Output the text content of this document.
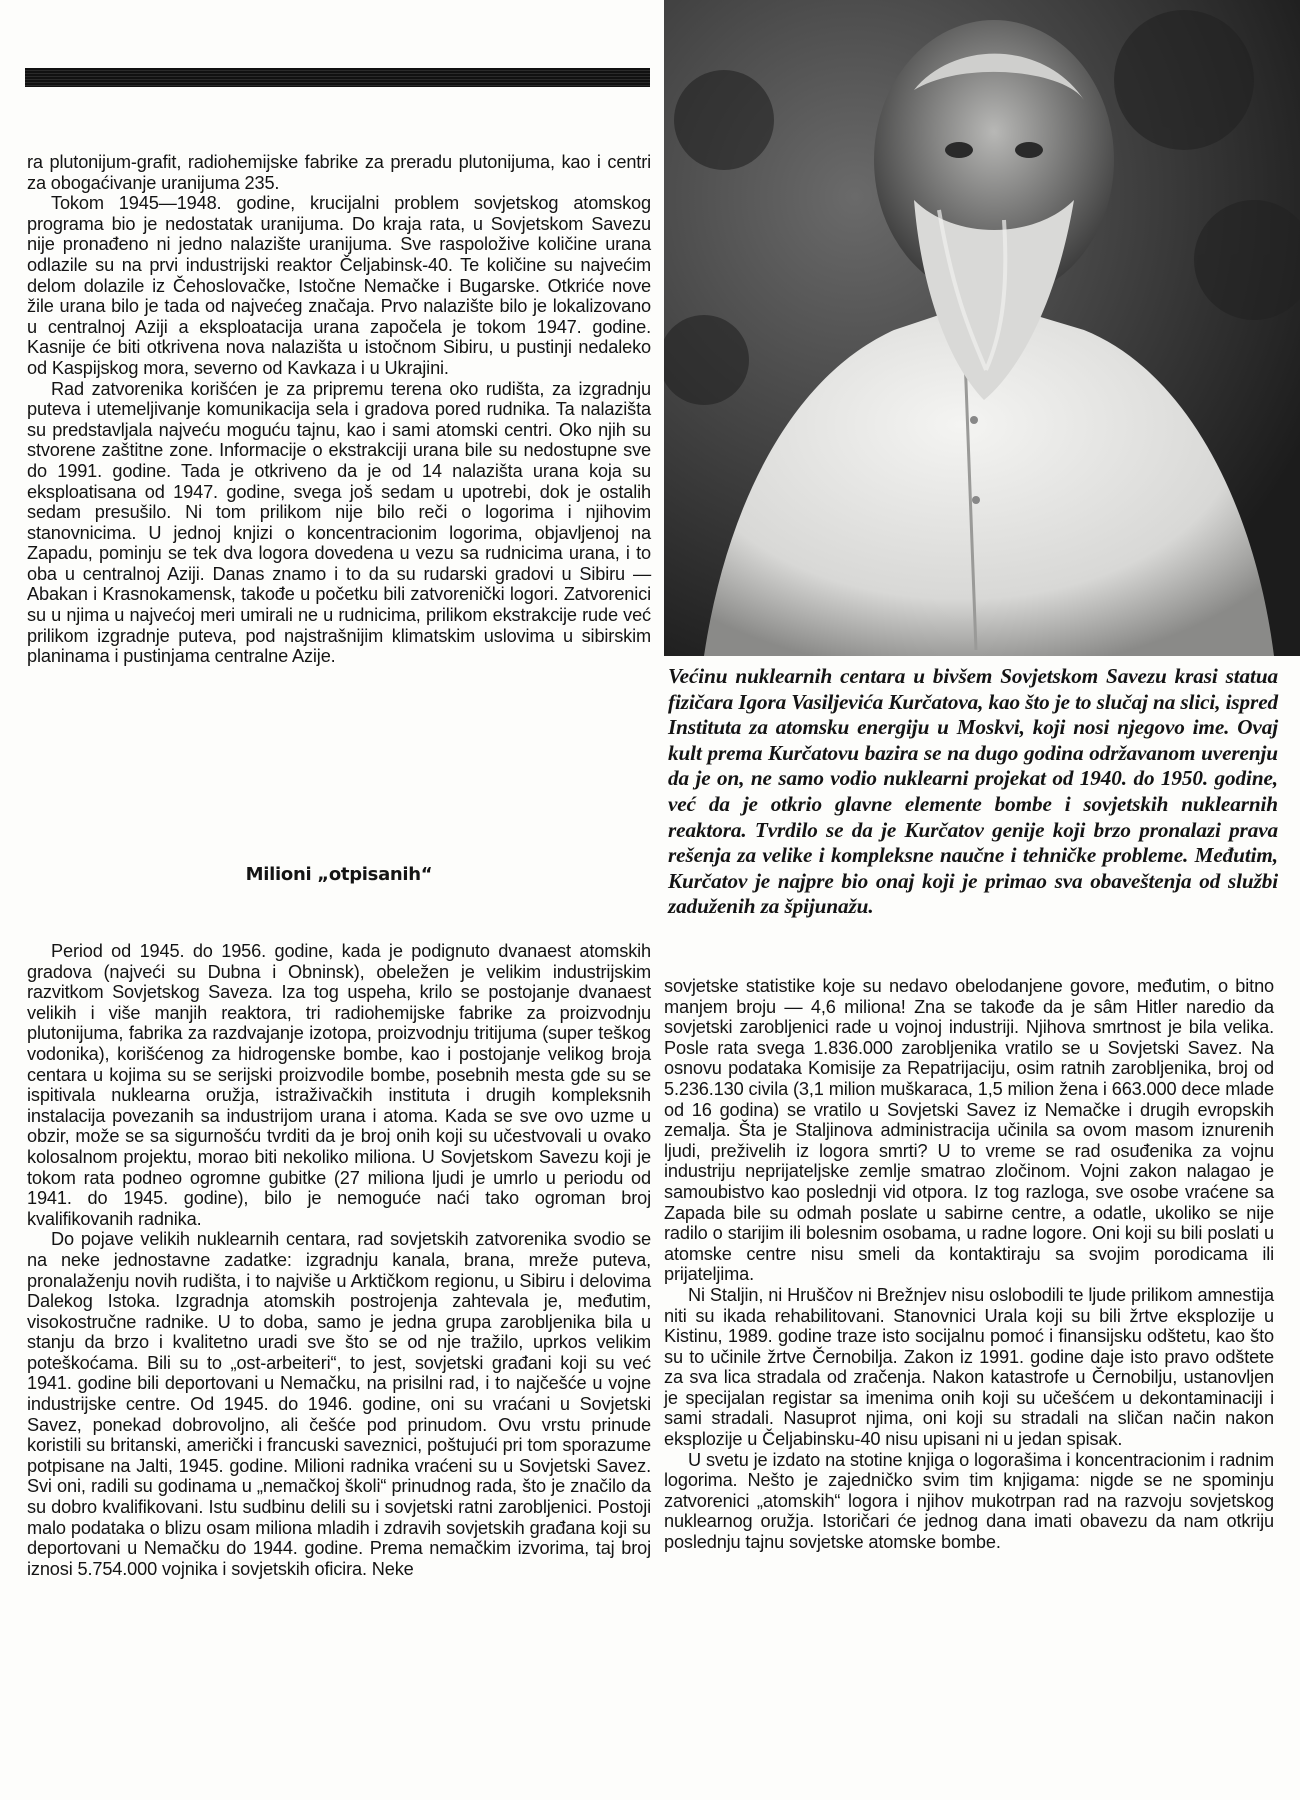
ra plutonijum-grafit, radiohemijske fabrike za preradu plutonijuma, kao i centri za obogaćivanje uranijuma 235.

Tokom 1945—1948. godine, krucijalni problem sovjetskog atomskog programa bio je nedostatak uranijuma. Do kraja rata, u Sovjetskom Savezu nije pronađeno ni jedno nalazište uranijuma. Sve raspoložive količine urana odlazile su na prvi industrijski reaktor Čeljabinsk-40. Te količine su najvećim delom dolazile iz Čehoslovačke, Istočne Nemačke i Bugarske. Otkriće nove žile urana bilo je tada od najvećeg značaja. Prvo nalazište bilo je lokalizovano u centralnoj Aziji a eksploatacija urana započela je tokom 1947. godine. Kasnije će biti otkrivena nova nalazišta u istočnom Sibiru, u pustinji nedaleko od Kaspijskog mora, severno od Kavkaza i u Ukrajini.

Rad zatvorenika korišćen je za pripremu terena oko rudišta, za izgradnju puteva i utemeljivanje komunikacija sela i gradova pored rudnika. Ta nalazišta su predstavljala najveću moguću tajnu, kao i sami atomski centri. Oko njih su stvorene zaštitne zone. Informacije o ekstrakciji urana bile su nedostupne sve do 1991. godine. Tada je otkriveno da je od 14 nalazišta urana koja su eksploatisana od 1947. godine, svega još sedam u upotrebi, dok je ostalih sedam presušilo. Ni tom prilikom nije bilo reči o logorima i njihovim stanovnicima. U jednoj knjizi o koncentracionim logorima, objavljenoj na Zapadu, pominju se tek dva logora dovedena u vezu sa rudnicima urana, i to oba u centralnoj Aziji. Danas znamo i to da su rudarski gradovi u Sibiru — Abakan i Krasnokamensk, takođe u početku bili zatvorenički logori. Zatvorenici su u njima u najvećoj meri umirali ne u rudnicima, prilikom ekstrakcije rude već prilikom izgradnje puteva, pod najstrašnijim klimatskim uslovima u sibirskim planinama i pustinjama centralne Azije.

Milioni „otpisanih“

Period od 1945. do 1956. godine, kada je podignuto dvanaest atomskih gradova (najveći su Dubna i Obninsk), obeležen je velikim industrijskim razvitkom Sovjetskog Saveza. Iza tog uspeha, krilo se postojanje dvanaest velikih i više manjih reaktora, tri radiohemijske fabrike za proizvodnju plutonijuma, fabrika za razdvajanje izotopa, proizvodnju tritijuma (super teškog vodonika), korišćenog za hidrogenske bombe, kao i postojanje velikog broja centara u kojima su se serijski proizvodile bombe, posebnih mesta gde su se ispitivala nuklearna oružja, istraživačkih instituta i drugih kompleksnih instalacija povezanih sa industrijom urana i atoma. Kada se sve ovo uzme u obzir, može se sa sigurnošću tvrditi da je broj onih koji su učestvovali u ovako kolosalnom projektu, morao biti nekoliko miliona. U Sovjetskom Savezu koji je tokom rata podneo ogromne gubitke (27 miliona ljudi je umrlo u periodu od 1941. do 1945. godine), bilo je nemoguće naći tako ogroman broj kvalifikovanih radnika.

Do pojave velikih nuklearnih centara, rad sovjetskih zatvorenika svodio se na neke jednostavne zadatke: izgradnju kanala, brana, mreže puteva, pronalaženju novih rudišta, i to najviše u Arktičkom regionu, u Sibiru i delovima Dalekog Istoka. Izgradnja atomskih postrojenja zahtevala je, međutim, visokostručne radnike. U to doba, samo je jedna grupa zarobljenika bila u stanju da brzo i kvalitetno uradi sve što se od nje tražilo, uprkos velikim poteškoćama. Bili su to „ost-arbeiteri“, to jest, sovjetski građani koji su već 1941. godine bili deportovani u Nemačku, na prisilni rad, i to najčešće u vojne industrijske centre. Od 1945. do 1946. godine, oni su vraćani u Sovjetski Savez, ponekad dobrovoljno, ali češće pod prinudom. Ovu vrstu prinude koristili su britanski, američki i francuski saveznici, poštujući pri tom sporazume potpisane na Jalti, 1945. godine. Milioni radnika vraćeni su u Sovjetski Savez. Svi oni, radili su godinama u „nemačkoj školi“ prinudnog rada, što je značilo da su dobro kvalifikovani. Istu sudbinu delili su i sovjetski ratni zarobljenici. Postoji malo podataka o blizu osam miliona mladih i zdravih sovjetskih građana koji su deportovani u Nemačku do 1944. godine. Prema nemačkim izvorima, taj broj iznosi 5.754.000 vojnika i sovjetskih oficira. Neke

Većinu nuklearnih centara u bivšem Sovjetskom Savezu krasi statua fizičara Igora Vasiljevića Kurčatova, kao što je to slučaj na slici, ispred Instituta za atomsku energiju u Moskvi, koji nosi njegovo ime. Ovaj kult prema Kurčatovu bazira se na dugo godina održavanom uverenju da je on, ne samo vodio nuklearni projekat od 1940. do 1950. godine, već da je otkrio glavne elemente bombe i sovjetskih nuklearnih reaktora. Tvrdilo se da je Kurčatov genije koji brzo pronalazi prava rešenja za velike i kompleksne naučne i tehničke probleme. Međutim, Kurčatov je najpre bio onaj koji je primao sva obaveštenja od službi zaduženih za špijunažu.

sovjetske statistike koje su nedavo obelodanjene govore, međutim, o bitno manjem broju — 4,6 miliona! Zna se takođe da je sâm Hitler naredio da sovjetski zarobljenici rade u vojnoj industriji. Njihova smrtnost je bila velika. Posle rata svega 1.836.000 zarobljenika vratilo se u Sovjetski Savez. Na osnovu podataka Komisije za Repatrijaciju, osim ratnih zarobljenika, broj od 5.236.130 civila (3,1 milion muškaraca, 1,5 milion žena i 663.000 dece mlade od 16 godina) se vratilo u Sovjetski Savez iz Nemačke i drugih evropskih zemalja. Šta je Staljinova administracija učinila sa ovom masom iznurenih ljudi, preživelih iz logora smrti? U to vreme se rad osuđenika za vojnu industriju neprijateljske zemlje smatrao zločinom. Vojni zakon nalagao je samoubistvo kao poslednji vid otpora. Iz tog razloga, sve osobe vraćene sa Zapada bile su odmah poslate u sabirne centre, a odatle, ukoliko se nije radilo o starijim ili bolesnim osobama, u radne logore. Oni koji su bili poslati u atomske centre nisu smeli da kontaktiraju sa svojim porodicama ili prijateljima.

Ni Staljin, ni Hruščov ni Brežnjev nisu oslobodili te ljude prilikom amnestija niti su ikada rehabilitovani. Stanovnici Urala koji su bili žrtve eksplozije u Kistinu, 1989. godine traze isto socijalnu pomoć i finansijsku odštetu, kao što su to učinile žrtve Černobilja. Zakon iz 1991. godine daje isto pravo odštete za sva lica stradala od zračenja. Nakon katastrofe u Černobilju, ustanovljen je specijalan registar sa imenima onih koji su učešćem u dekontaminaciji i sami stradali. Nasuprot njima, oni koji su stradali na sličan način nakon eksplozije u Čeljabinsku-40 nisu upisani ni u jedan spisak.

U svetu je izdato na stotine knjiga o logorašima i koncentracionim i radnim logorima. Nešto je zajedničko svim tim knjigama: nigde se ne spominju zatvorenici „atomskih“ logora i njihov mukotrpan rad na razvoju sovjetskog nuklearnog oružja. Istoričari će jednog dana imati obavezu da nam otkriju poslednju tajnu sovjetske atomske bombe.
